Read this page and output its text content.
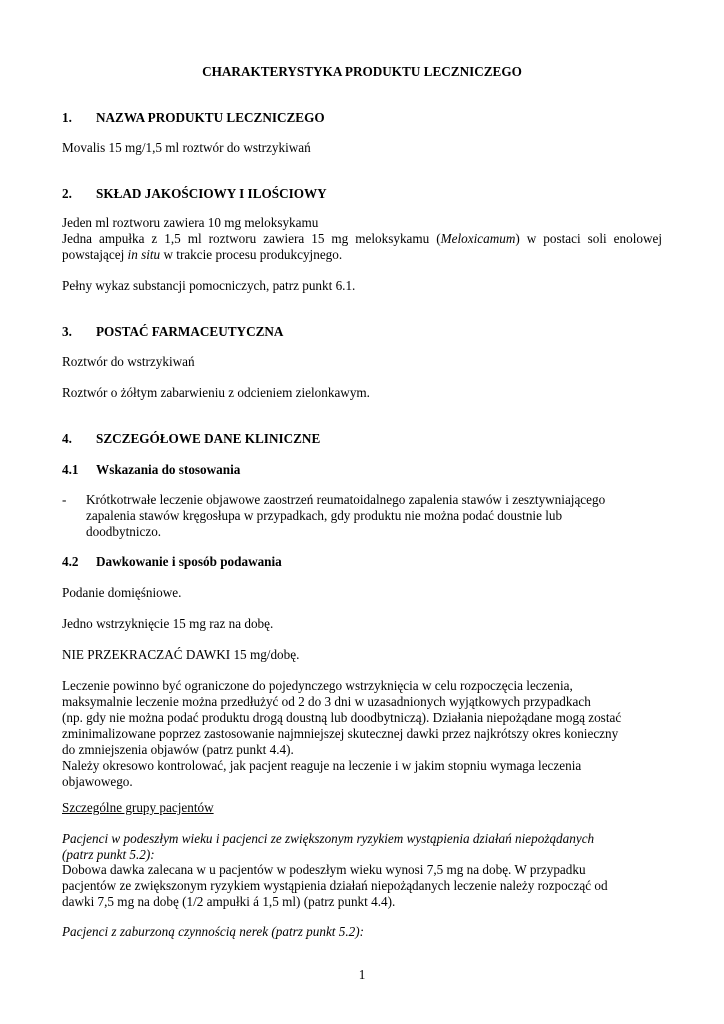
CHARAKTERYSTYKA PRODUKTU LECZNICZEGO

1. NAZWA PRODUKTU LECZNICZEGO

Movalis 15 mg/1,5 ml roztwór do wstrzykiwań

2. SKŁAD JAKOŚCIOWY I ILOŚCIOWY

Jeden ml roztworu zawiera 10 mg meloksykamu

Jedna ampułka z 1,5 ml roztworu zawiera 15 mg meloksykamu (Meloxicamum) w postaci soli enolowej powstającej in situ w trakcie procesu produkcyjnego.

Pełny wykaz substancji pomocniczych, patrz punkt 6.1.

3. POSTAĆ FARMACEUTYCZNA

Roztwór do wstrzykiwań

Roztwór o żółtym zabarwieniu z odcieniem zielonkawym.

4. SZCZEGÓŁOWE DANE KLINICZNE

4.1 Wskazania do stosowania

- Krótkotrwałe leczenie objawowe zaostrzeń reumatoidalnego zapalenia stawów i zesztywniającego
zapalenia stawów kręgosłupa w przypadkach, gdy produktu nie można podać doustnie lub
doodbytniczo.

4.2 Dawkowanie i sposób podawania

Podanie domięśniowe.

Jedno wstrzyknięcie 15 mg raz na dobę.

NIE PRZEKRACZAĆ DAWKI 15 mg/dobę.

Leczenie powinno być ograniczone do pojedynczego wstrzyknięcia w celu rozpoczęcia leczenia,
maksymalnie leczenie można przedłużyć od 2 do 3 dni w uzasadnionych wyjątkowych przypadkach
(np. gdy nie można podać produktu drogą doustną lub doodbytniczą). Działania niepożądane mogą zostać
zminimalizowane poprzez zastosowanie najmniejszej skutecznej dawki przez najkrótszy okres konieczny
do zmniejszenia objawów (patrz punkt 4.4).
Należy okresowo kontrolować, jak pacjent reaguje na leczenie i w jakim stopniu wymaga leczenia
objawowego.

Szczególne grupy pacjentów

Pacjenci w podeszłym wieku i pacjenci ze zwiększonym ryzykiem wystąpienia działań niepożądanych
(patrz punkt 5.2):

Dobowa dawka zalecana w u pacjentów w podeszłym wieku wynosi 7,5 mg na dobę. W przypadku
pacjentów ze zwiększonym ryzykiem wystąpienia działań niepożądanych leczenie należy rozpocząć od
dawki 7,5 mg na dobę (1/2 ampułki á 1,5 ml) (patrz punkt 4.4).

Pacjenci z zaburzoną czynnością nerek (patrz punkt 5.2):

1
